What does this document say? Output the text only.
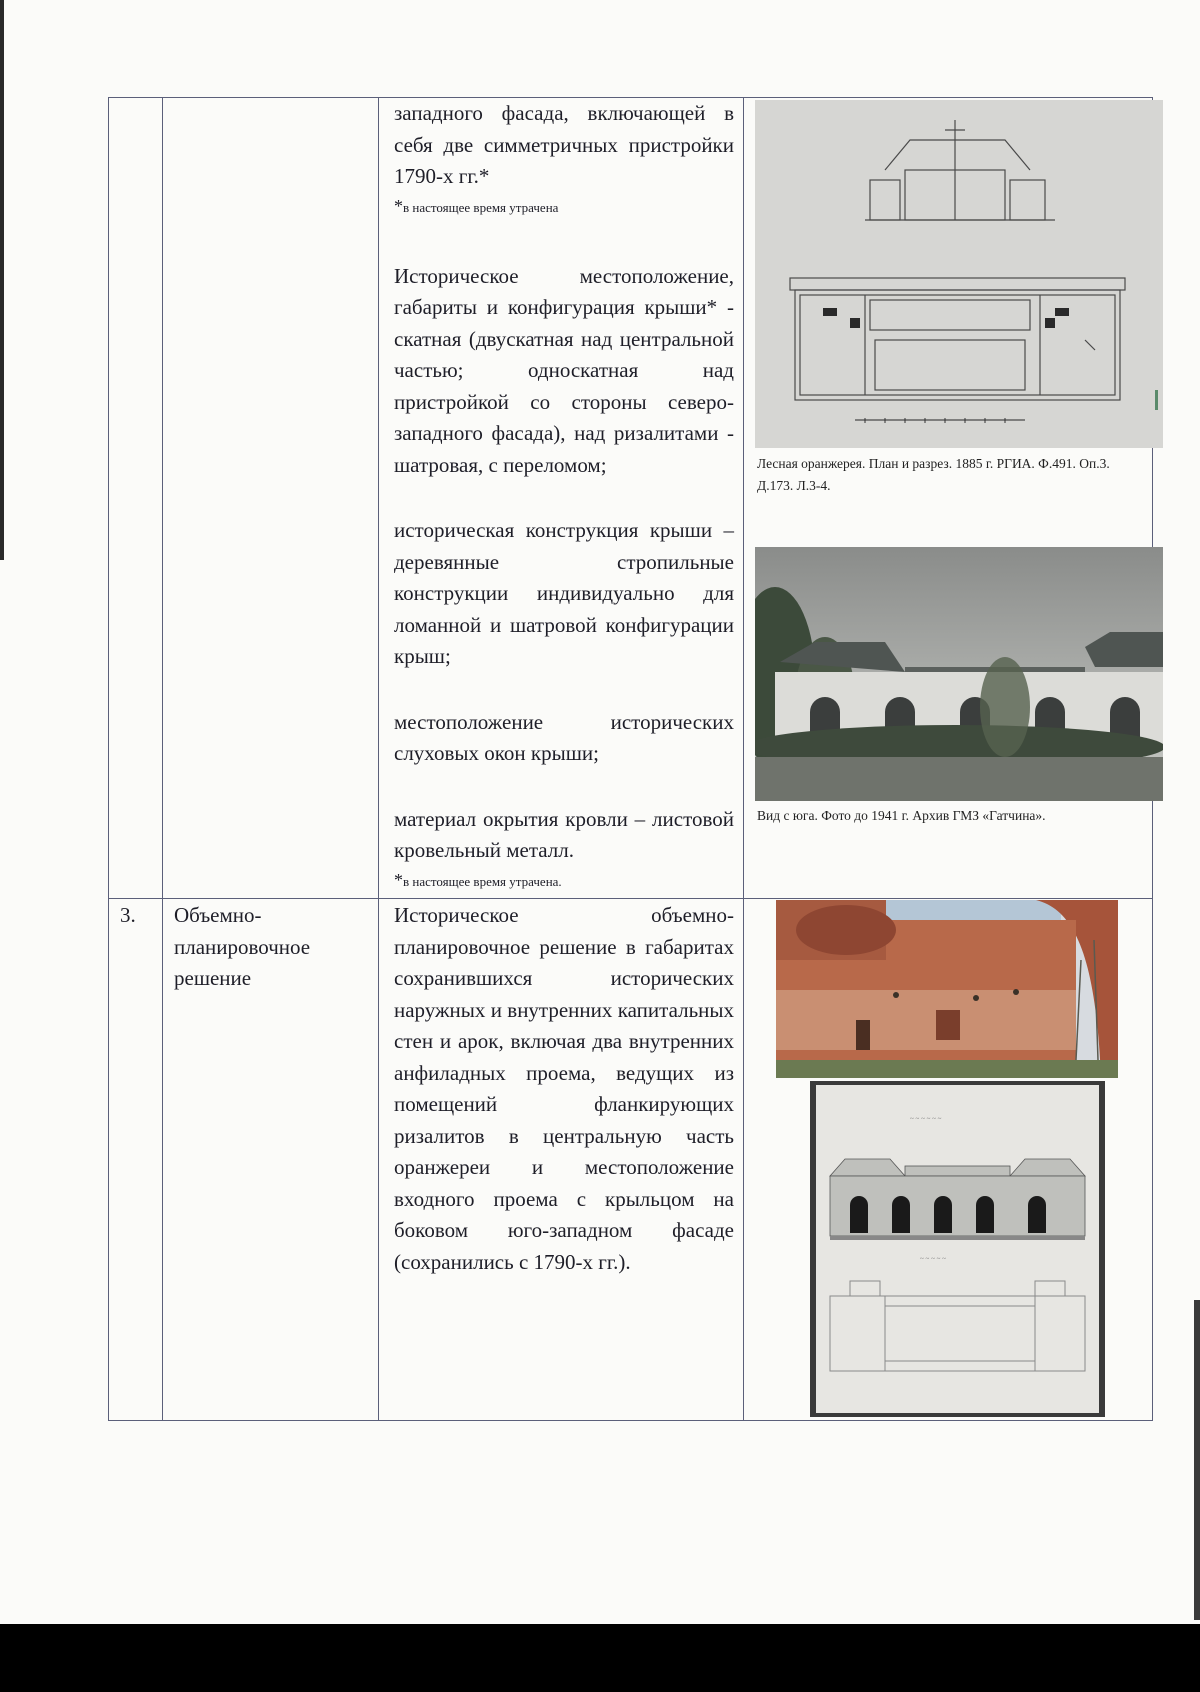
западного фасада, включающей в себя две симметричных пристройки 1790-х гг.*

*в настоящее время утрачена

Историческое местоположение, габариты и конфигурация крыши* - скатная (двускатная над центральной частью; односкатная над пристройкой со стороны северо-западного фасада), над ризалитами - шатровая, с переломом;

историческая конструкция крыши – деревянные стропильные конструкции индивидуально для ломанной и шатровой конфигурации крыш;

местоположение исторических слуховых окон крыши;

материал окрытия кровли – листовой кровельный металл.

*в настоящее время утрачена.
Лесная оранжерея. План и разрез. 1885 г. РГИА. Ф.491. Оп.3. Д.173. Л.3-4.
Вид с юга. Фото до 1941 г. Архив ГМЗ «Гатчина».
3. Объемно-планировочное решение
Историческое объемно-планировочное решение в габаритах сохранившихся исторических наружных и внутренних капитальных стен и арок, включая два внутренних анфиладных проема, ведущих из помещений фланкирующих ризалитов в центральную часть оранжереи и местоположение входного проема с крыльцом на боковом юго-западном фасаде (сохранились с 1790-х гг.).
~ ~ ~ ~ ~ ~
~ ~ ~ ~ ~
